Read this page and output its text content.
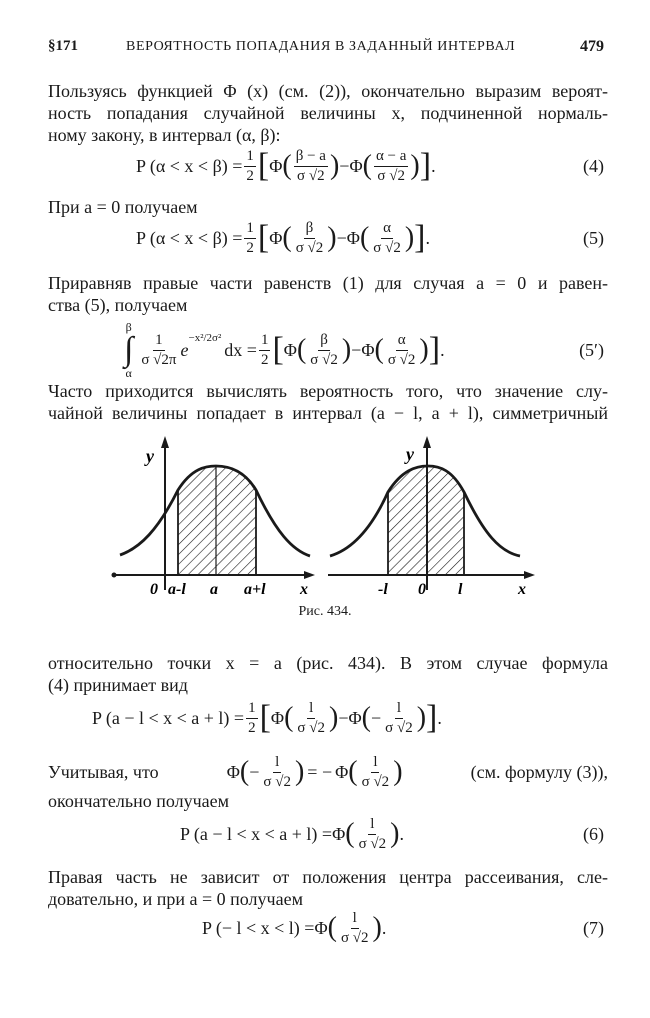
§171	ВЕРОЯТНОСТЬ ПОПАДАНИЯ В ЗАДАННЫЙ ИНТЕРВАЛ	479

Пользуясь функцией Φ (x) (см. (2)), окончательно выразим вероят-
ность попадания случайной величины x, подчиненной нормаль-
ному закону, в интервал (α, β):

P $(\alpha < x < \beta) = \frac{1}{2}$ [ Φ ( $\frac{\beta - a}{\sigma √2}$ ) − Φ ( $\frac{\alpha - a}{\sigma √2}$ ) ] .	(4)

При a = 0 получаем

P $(\alpha < x < \beta) = \frac{1}{2}$ [ Φ ( $\frac{\beta}{\sigma √2}$ ) − Φ ( $\frac{\alpha}{\sigma √2}$ ) ] .	(5)

Приравняв правые части равенств (1) для случая a = 0 и равен-
ства (5), получаем

β
∫
α
$\frac{1}{\sigma √2\pi}$ e
−x²/2σ²
dx = $\frac{1}{2}$ [ Φ ( $\frac{\beta}{\sigma √2}$ ) − Φ ( $\frac{\alpha}{\sigma √2}$ ) ] .	(5′)

Часто приходится вычислять вероятность того, что значение слу-
чайной величины попадает в интервал (a − l, a + l), симметричный

y
x
0 a-l a a+l
y
x
0
-l	l
Рис. 434.

относительно точки x = a (рис. 434). В этом случае формула
(4) принимает вид

P $(a - l < x < a + l) = \frac{1}{2}$ [ Φ ( $\frac{l}{\sigma √2}$ ) − Φ ( − $\frac{l}{\sigma √2}$ ) ] .
Учитывая, что	Φ ( − $\frac{l}{\sigma √2}$ ) = − Φ ( $\frac{l}{\sigma √2}$ )	(см. формулу (3)),

окончательно получаем

P (a − l < x < a + l) = Φ ( $\frac{l}{\sigma √2}$ ) .	(6)

Правая часть не зависит от положения центра рассеивания, сле-
довательно, и при a = 0 получаем

P (− l < x < l) = Φ ( $\frac{l}{\sigma √2}$ ) .	(7)
